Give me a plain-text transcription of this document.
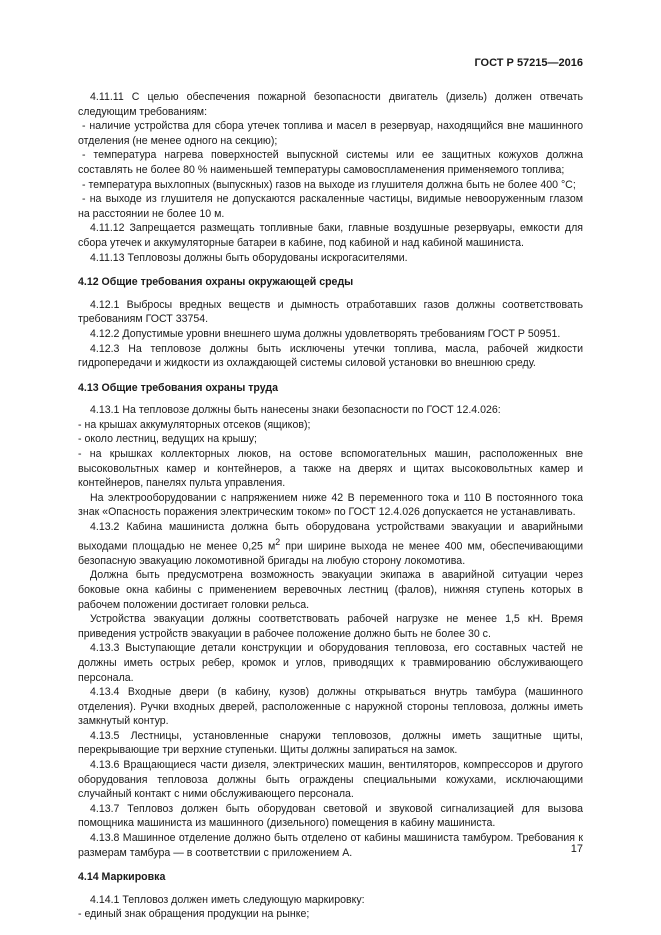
ГОСТ Р 57215—2016

4.11.11 С целью обеспечения пожарной безопасности двигатель (дизель) должен отвечать следующим требованиям:

- наличие устройства для сбора утечек топлива и масел в резервуар, находящийся вне машинного отделения (не менее одного на секцию);

- температура нагрева поверхностей выпускной системы или ее защитных кожухов должна составлять не более 80 % наименьшей температуры самовоспламенения применяемого топлива;

- температура выхлопных (выпускных) газов на выходе из глушителя должна быть не более 400 °C;

- на выходе из глушителя не допускаются раскаленные частицы, видимые невооруженным глазом на расстоянии не более 10 м.

4.11.12 Запрещается размещать топливные баки, главные воздушные резервуары, емкости для сбора утечек и аккумуляторные батареи в кабине, под кабиной и над кабиной машиниста.

4.11.13 Тепловозы должны быть оборудованы искрогасителями.

4.12 Общие требования охраны окружающей среды

4.12.1 Выбросы вредных веществ и дымность отработавших газов должны соответствовать требованиям ГОСТ 33754.

4.12.2 Допустимые уровни внешнего шума должны удовлетворять требованиям ГОСТ Р 50951.

4.12.3 На тепловозе должны быть исключены утечки топлива, масла, рабочей жидкости гидропередачи и жидкости из охлаждающей системы силовой установки во внешнюю среду.

4.13 Общие требования охраны труда

4.13.1 На тепловозе должны быть нанесены знаки безопасности по ГОСТ 12.4.026:

- на крышах аккумуляторных отсеков (ящиков);

- около лестниц, ведущих на крышу;

- на крышках коллекторных люков, на остове вспомогательных машин, расположенных вне высоковольтных камер и контейнеров, а также на дверях и щитах высоковольтных камер и контейнеров, панелях пульта управления.

На электрооборудовании с напряжением ниже 42 В переменного тока и 110 В постоянного тока знак «Опасность поражения электрическим током» по ГОСТ 12.4.026 допускается не устанавливать.

4.13.2 Кабина машиниста должна быть оборудована устройствами эвакуации и аварийными выходами площадью не менее 0,25 $м^2$ при ширине выхода не менее 400 мм, обеспечивающими безопасную эвакуацию локомотивной бригады на любую сторону локомотива.

Должна быть предусмотрена возможность эвакуации экипажа в аварийной ситуации через боковые окна кабины с применением веревочных лестниц (фалов), нижняя ступень которых в рабочем положении достигает головки рельса.

Устройства эвакуации должны соответствовать рабочей нагрузке не менее 1,5 кН. Время приведения устройств эвакуации в рабочее положение должно быть не более 30 с.

4.13.3 Выступающие детали конструкции и оборудования тепловоза, его составных частей не должны иметь острых ребер, кромок и углов, приводящих к травмированию обслуживающего персонала.

4.13.4 Входные двери (в кабину, кузов) должны открываться внутрь тамбура (машинного отделения). Ручки входных дверей, расположенные с наружной стороны тепловоза, должны иметь замкнутый контур.

4.13.5 Лестницы, установленные снаружи тепловозов, должны иметь защитные щиты, перекрывающие три верхние ступеньки. Щиты должны запираться на замок.

4.13.6 Вращающиеся части дизеля, электрических машин, вентиляторов, компрессоров и другого оборудования тепловоза должны быть ограждены специальными кожухами, исключающими случайный контакт с ними обслуживающего персонала.

4.13.7 Тепловоз должен быть оборудован световой и звуковой сигнализацией для вызова помощника машиниста из машинного (дизельного) помещения в кабину машиниста.

4.13.8 Машинное отделение должно быть отделено от кабины машиниста тамбуром. Требования к размерам тамбура — в соответствии с приложением А.

4.14 Маркировка

4.14.1 Тепловоз должен иметь следующую маркировку:

- единый знак обращения продукции на рынке;

17
